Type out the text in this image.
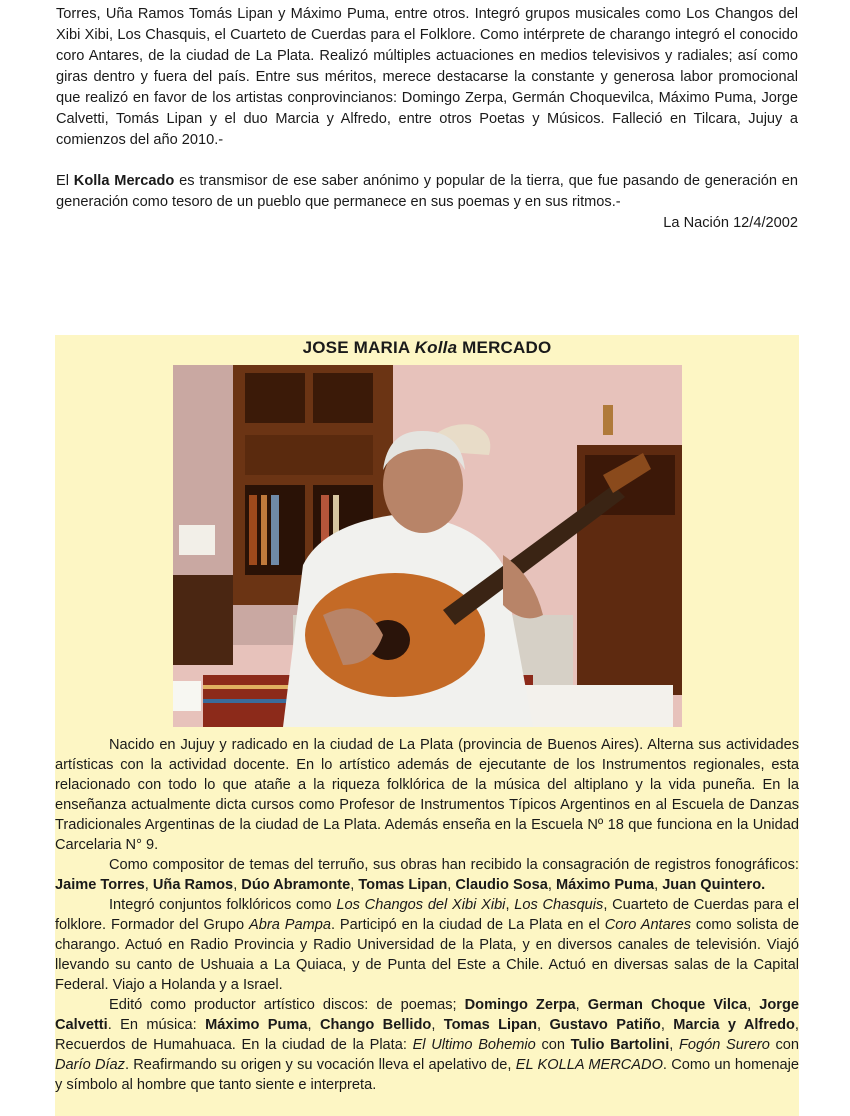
Torres, Uña Ramos Tomás Lipan y Máximo Puma, entre otros. Integró grupos musicales como Los Changos del Xibi Xibi, Los Chasquis, el Cuarteto de Cuerdas para el Folklore. Como intérprete de charango integró el conocido coro Antares, de la ciudad de La Plata. Realizó múltiples actuaciones en medios televisivos y radiales; así como giras dentro y fuera del país. Entre sus méritos, merece destacarse la constante y generosa labor promocional que realizó en favor de los artistas conprovincianos: Domingo Zerpa, Germán Choquevilca, Máximo Puma, Jorge Calvetti, Tomás Lipan y el duo Marcia y Alfredo, entre otros Poetas y Músicos. Falleció en Tilcara, Jujuy a comienzos del año 2010.-

El Kolla Mercado es transmisor de ese saber anónimo y popular de la tierra, que fue pasando de generación en generación como tesoro de un pueblo que permanece en sus poemas y en sus ritmos.-

La Nación 12/4/2002

JOSE MARIA Kolla MERCADO

Nacido en Jujuy y radicado en la ciudad de La Plata (provincia de Buenos Aires). Alterna sus actividades artísticas con la actividad docente. En lo artístico además de ejecutante de los Instrumentos regionales, esta relacionado con todo lo que atañe a la riqueza folklórica de la música del altiplano y la vida puneña. En la enseñanza actualmente dicta cursos como Profesor de Instrumentos Típicos Argentinos en al Escuela de Danzas Tradicionales Argentinas de la ciudad de La Plata. Además enseña en la Escuela Nº 18 que funciona en la Unidad Carcelaria N° 9.

Como compositor de temas del terruño, sus obras han recibido la consagración de registros fonográficos: Jaime Torres, Uña Ramos, Dúo Abramonte, Tomas Lipan, Claudio Sosa, Máximo Puma, Juan Quintero.

Integró conjuntos folklóricos como Los Changos del Xibi Xibi, Los Chasquis, Cuarteto de Cuerdas para el folklore. Formador del Grupo Abra Pampa. Participó en la ciudad de La Plata en el Coro Antares como solista de charango. Actuó en Radio Provincia y Radio Universidad de la Plata, y en diversos canales de televisión. Viajó llevando su canto de Ushuaia a La Quiaca, y de Punta del Este a Chile. Actuó en diversas salas de la Capital Federal. Viajo a Holanda y a Israel.

Editó como productor artístico discos: de poemas; Domingo Zerpa, German Choque Vilca, Jorge Calvetti. En música: Máximo Puma, Chango Bellido, Tomas Lipan, Gustavo Patiño, Marcia y Alfredo, Recuerdos de Humahuaca. En la ciudad de la Plata: El Ultimo Bohemio con Tulio Bartolini, Fogón Surero con Darío Díaz. Reafirmando su origen y su vocación lleva el apelativo de, EL KOLLA MERCADO. Como un homenaje y símbolo al hombre que tanto siente e interpreta.
